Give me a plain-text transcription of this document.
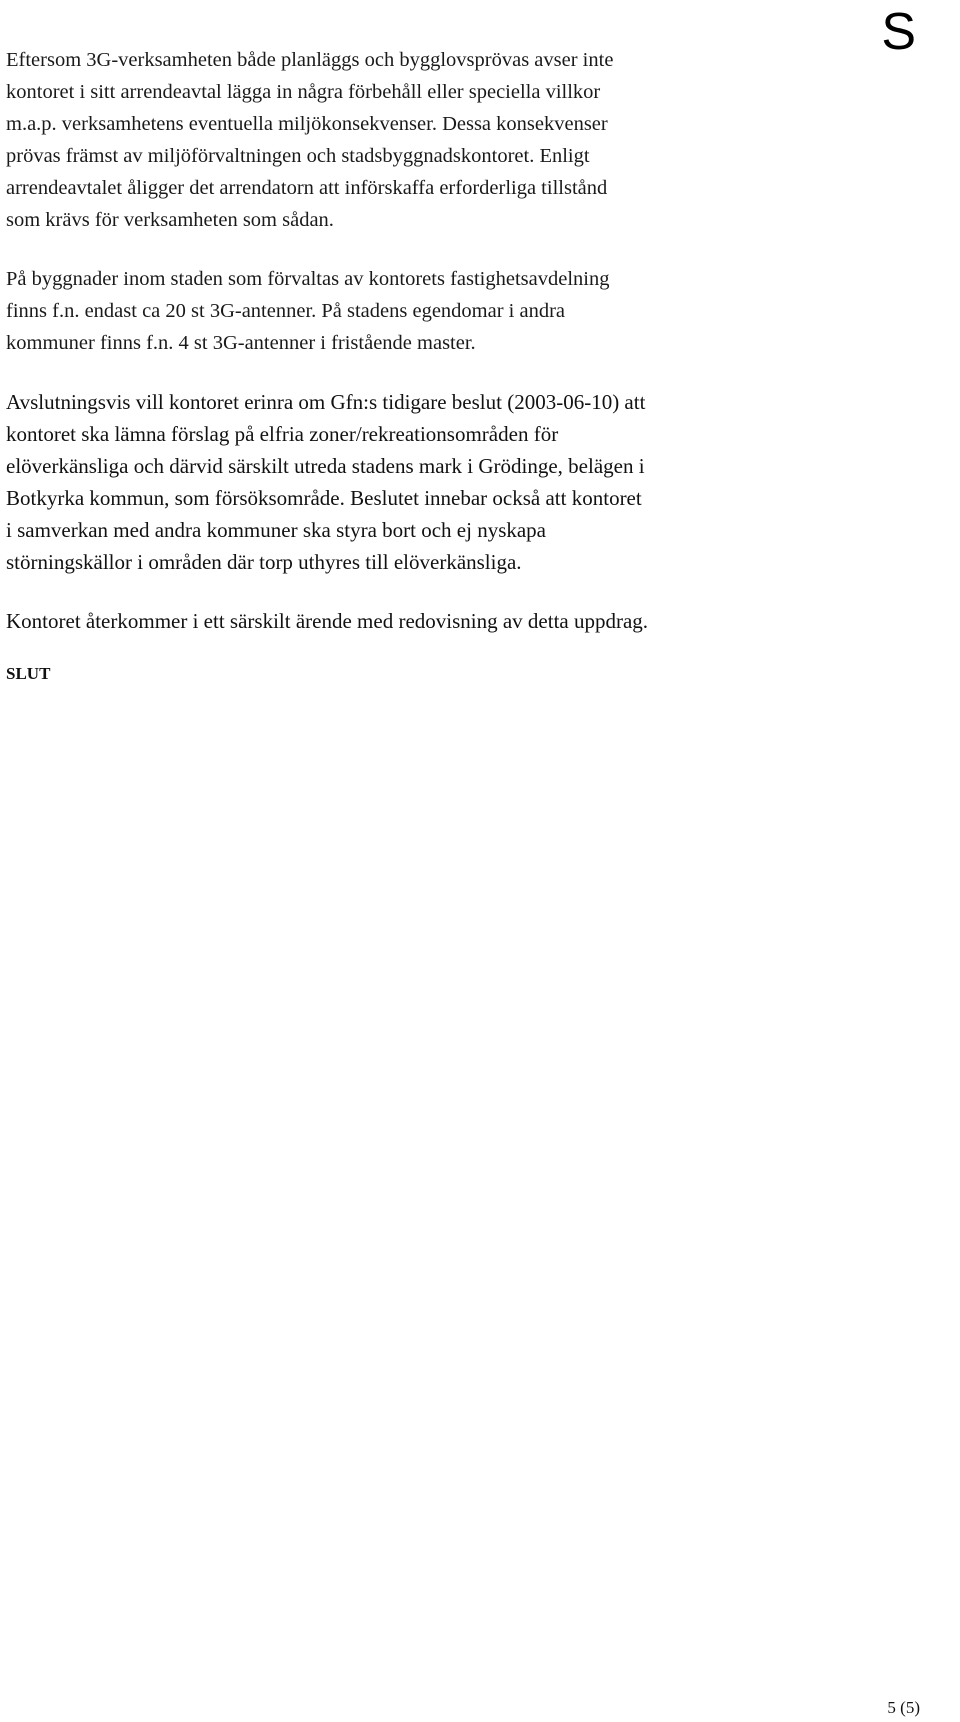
S

Eftersom 3G-verksamheten både planläggs och bygglovsprövas avser inte
kontoret i sitt arrendeavtal lägga in några förbehåll eller speciella villkor
m.a.p. verksamhetens eventuella miljökonsekvenser. Dessa konsekvenser
prövas främst av miljöförvaltningen och stadsbyggnadskontoret. Enligt
arrendeavtalet åligger det arrendatorn att införskaffa erforderliga tillstånd
som krävs för verksamheten som sådan.

På byggnader inom staden som förvaltas av kontorets fastighetsavdelning
finns f.n. endast ca 20 st 3G-antenner. På stadens egendomar i andra
kommuner finns f.n. 4 st 3G-antenner i fristående master.

Avslutningsvis vill kontoret erinra om Gfn:s tidigare beslut (2003-06-10) att
kontoret ska lämna förslag på elfria zoner/rekreationsområden för
elöverkänsliga och därvid särskilt utreda stadens mark i Grödinge, belägen i
Botkyrka kommun, som försöksområde. Beslutet innebar också att kontoret
i samverkan med andra kommuner ska styra bort och ej nyskapa
störningskällor i områden där torp uthyres till elöverkänsliga.

Kontoret återkommer i ett särskilt ärende med redovisning av detta uppdrag.

SLUT
5 (5)
